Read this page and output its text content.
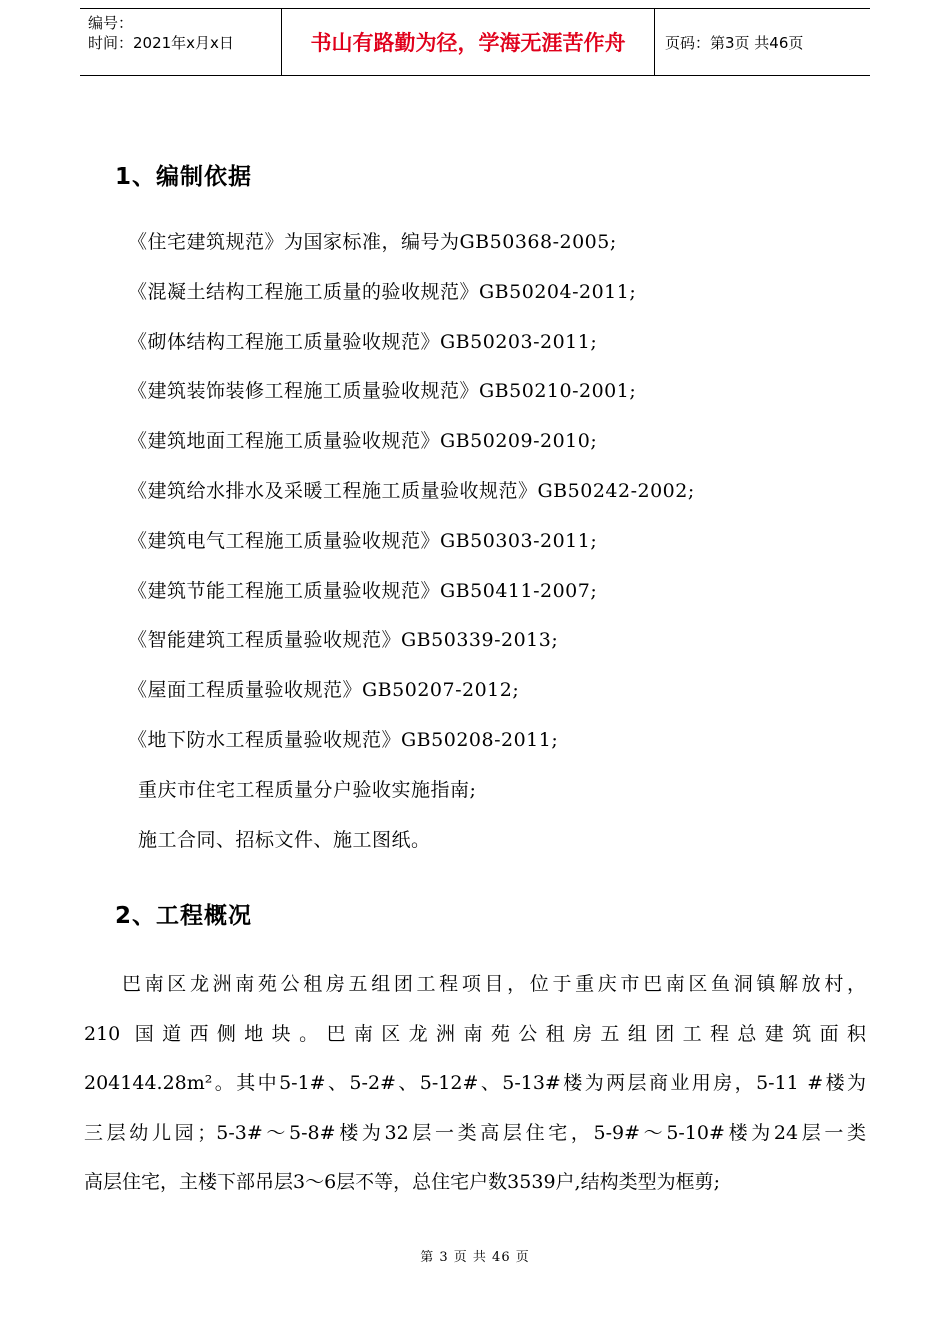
编号：
时间：2021年x月x日	书山有路勤为径，学海无涯苦作舟	页码：第3页 共46页
1、编制依据
《住宅建筑规范》为国家标准，编号为GB50368-2005;
《混凝土结构工程施工质量的验收规范》GB50204-2011;
《砌体结构工程施工质量验收规范》GB50203-2011;
《建筑装饰装修工程施工质量验收规范》GB50210-2001;
《建筑地面工程施工质量验收规范》GB50209-2010;
《建筑给水排水及采暖工程施工质量验收规范》GB50242-2002;
《建筑电气工程施工质量验收规范》GB50303-2011;
《建筑节能工程施工质量验收规范》GB50411-2007;
《智能建筑工程质量验收规范》GB50339-2013;
《屋面工程质量验收规范》GB50207-2012;
《地下防水工程质量验收规范》GB50208-2011;
重庆市住宅工程质量分户验收实施指南;
施工合同、招标文件、施工图纸。
2、工程概况

巴南区龙洲南苑公租房五组团工程项目，位于重庆市巴南区鱼洞镇解放村，
210 国道西侧地块。巴南区龙洲南苑公租房五组团工程总建筑面积
204144.28m²。其中5-1#、5-2#、5-12#、5-13#楼为两层商业用房，5-11 #楼为
三层幼儿园；5-3#～5-8#楼为32层一类高层住宅，5-9#～5-10#楼为24层一类
高层住宅，主楼下部吊层3～6层不等，总住宅户数3539户,结构类型为框剪;

第 3 页 共 46 页
